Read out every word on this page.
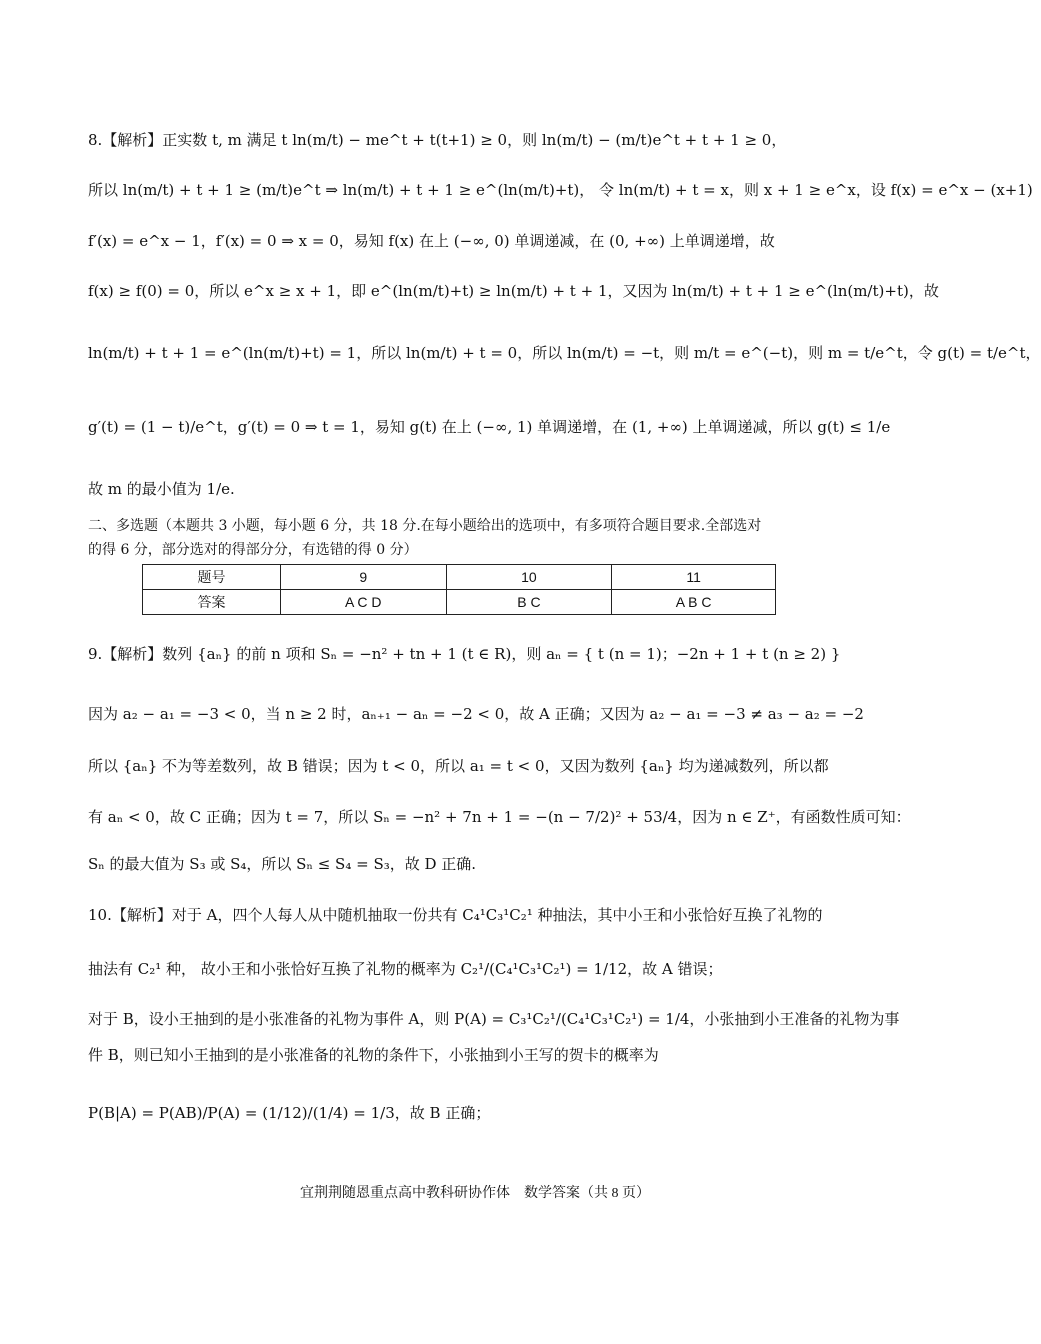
8.【解析】正实数 t, m 满足 t ln(m/t) − me^t + t(t+1) ≥ 0，则 ln(m/t) − (m/t)e^t + t + 1 ≥ 0，
所以 ln(m/t) + t + 1 ≥ (m/t)e^t ⇒ ln(m/t) + t + 1 ≥ e^(ln(m/t)+t)， 令 ln(m/t) + t = x，则 x + 1 ≥ e^x，设 f(x) = e^x − (x+1)
f′(x) = e^x − 1，f′(x) = 0 ⇒ x = 0，易知 f(x) 在上 (−∞, 0) 单调递减，在 (0, +∞) 上单调递增，故
f(x) ≥ f(0) = 0，所以 e^x ≥ x + 1，即 e^(ln(m/t)+t) ≥ ln(m/t) + t + 1，又因为 ln(m/t) + t + 1 ≥ e^(ln(m/t)+t)，故
ln(m/t) + t + 1 = e^(ln(m/t)+t) = 1，所以 ln(m/t) + t = 0，所以 ln(m/t) = −t，则 m/t = e^(−t)，则 m = t/e^t，令 g(t) = t/e^t，
g′(t) = (1 − t)/e^t，g′(t) = 0 ⇒ t = 1，易知 g(t) 在上 (−∞, 1) 单调递增，在 (1, +∞) 上单调递减，所以 g(t) ≤ 1/e
故 m 的最小值为 1/e.
二、多选题（本题共 3 小题，每小题 6 分，共 18 分.在每小题给出的选项中，有多项符合题目要求.全部选对
的得 6 分，部分选对的得部分分，有选错的得 0 分）
题号	9	10	11
答案	A C D	B C	A B C
9.【解析】数列 {aₙ} 的前 n 项和 Sₙ = −n² + tn + 1 (t ∈ R)，则 aₙ = { t (n = 1)；−2n + 1 + t (n ≥ 2) }
因为 a₂ − a₁ = −3 < 0，当 n ≥ 2 时，aₙ₊₁ − aₙ = −2 < 0，故 A 正确；又因为 a₂ − a₁ = −3 ≠ a₃ − a₂ = −2
所以 {aₙ} 不为等差数列，故 B 错误；因为 t < 0，所以 a₁ = t < 0，又因为数列 {aₙ} 均为递减数列，所以都
有 aₙ < 0，故 C 正确；因为 t = 7，所以 Sₙ = −n² + 7n + 1 = −(n − 7/2)² + 53/4，因为 n ∈ Z⁺，有函数性质可知：
Sₙ 的最大值为 S₃ 或 S₄，所以 Sₙ ≤ S₄ = S₃，故 D 正确.
10.【解析】对于 A，四个人每人从中随机抽取一份共有 C₄¹C₃¹C₂¹ 种抽法，其中小王和小张恰好互换了礼物的
抽法有 C₂¹ 种， 故小王和小张恰好互换了礼物的概率为 C₂¹/(C₄¹C₃¹C₂¹) = 1/12，故 A 错误；
对于 B，设小王抽到的是小张准备的礼物为事件 A，则 P(A) = C₃¹C₂¹/(C₄¹C₃¹C₂¹) = 1/4，小张抽到小王准备的礼物为事
件 B，则已知小王抽到的是小张准备的礼物的条件下，小张抽到小王写的贺卡的概率为
P(B|A) = P(AB)/P(A) = (1/12)/(1/4) = 1/3，故 B 正确；
宜荆荆随恩重点高中教科研协作体　数学答案（共 8 页）
